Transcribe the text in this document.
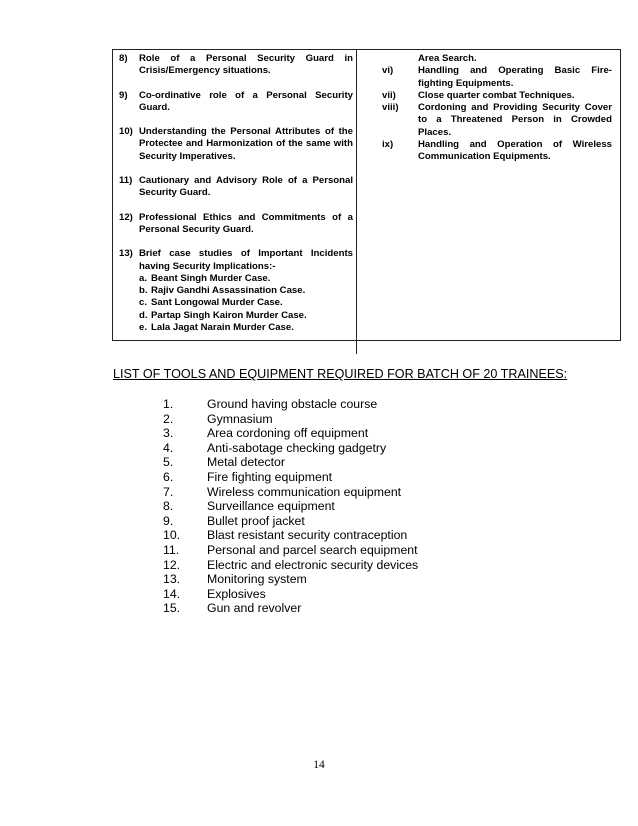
8)	Role of a Personal Security Guard in Crisis/Emergency situations.
9)	Co-ordinative role of a Personal Security Guard.
10) Understanding the Personal Attributes of the Protectee and Harmonization of the same with Security Imperatives.
11) Cautionary and Advisory Role of a Personal Security Guard.
12) Professional Ethics and Commitments of a Personal Security Guard.
13) Brief case studies of Important Incidents having Security Implications:-
a. Beant Singh Murder Case.
b. Rajiv Gandhi Assassination Case.
c. Sant Longowal Murder Case.
d. Partap Singh Kairon Murder Case.
e. Lala Jagat Narain Murder Case.
Area Search.
vi)	Handling and Operating Basic Fire-fighting Equipments.
vii)	Close quarter combat Techniques.
viii)	Cordoning and Providing Security Cover to a Threatened Person in Crowded Places.
ix)	Handling and Operation of Wireless Communication Equipments.
LIST OF TOOLS AND EQUIPMENT REQUIRED FOR BATCH OF 20 TRAINEES:
1.	Ground having obstacle course
2.	Gymnasium
3.	Area cordoning off equipment
4.	Anti-sabotage checking gadgetry
5.	Metal detector
6.	Fire fighting equipment
7.	Wireless communication equipment
8.	Surveillance equipment
9.	Bullet proof jacket
10.	Blast resistant security contraception
11.	Personal and parcel search equipment
12.	Electric and electronic security devices
13.	Monitoring system
14.	Explosives
15.	Gun and revolver
14
